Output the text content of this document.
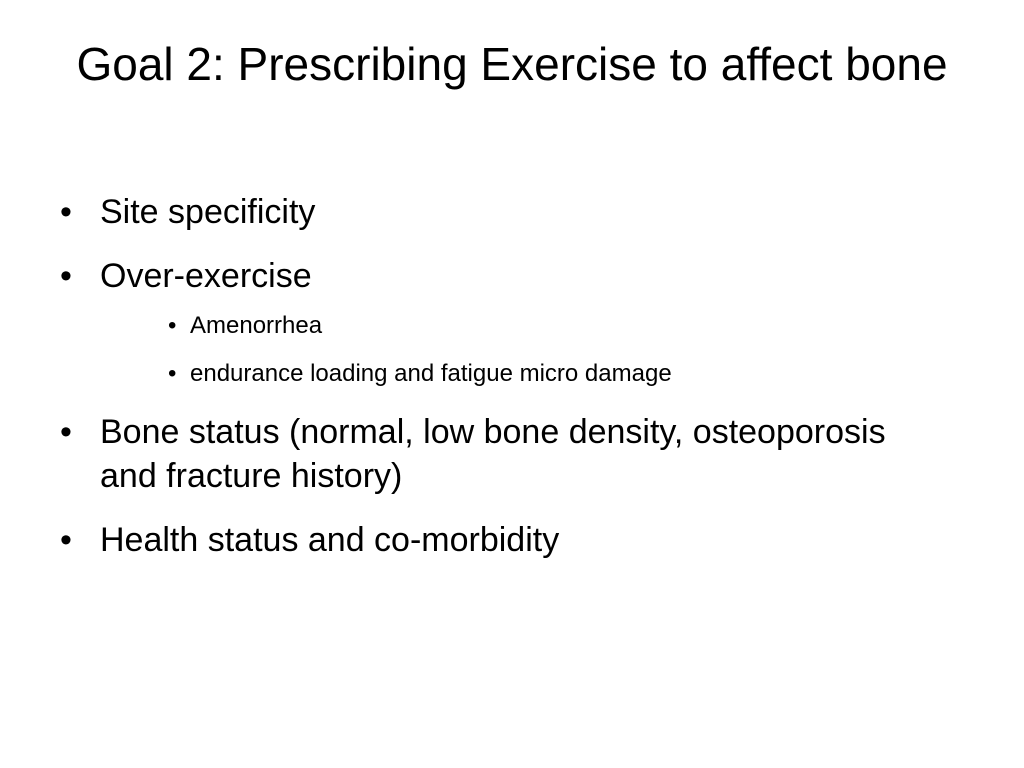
Goal 2: Prescribing Exercise to affect bone
• Site specificity
• Over-exercise
• Amenorrhea
• endurance loading and fatigue micro damage
• Bone status (normal, low bone density, osteoporosis and fracture history)
• Health status and co-morbidity
